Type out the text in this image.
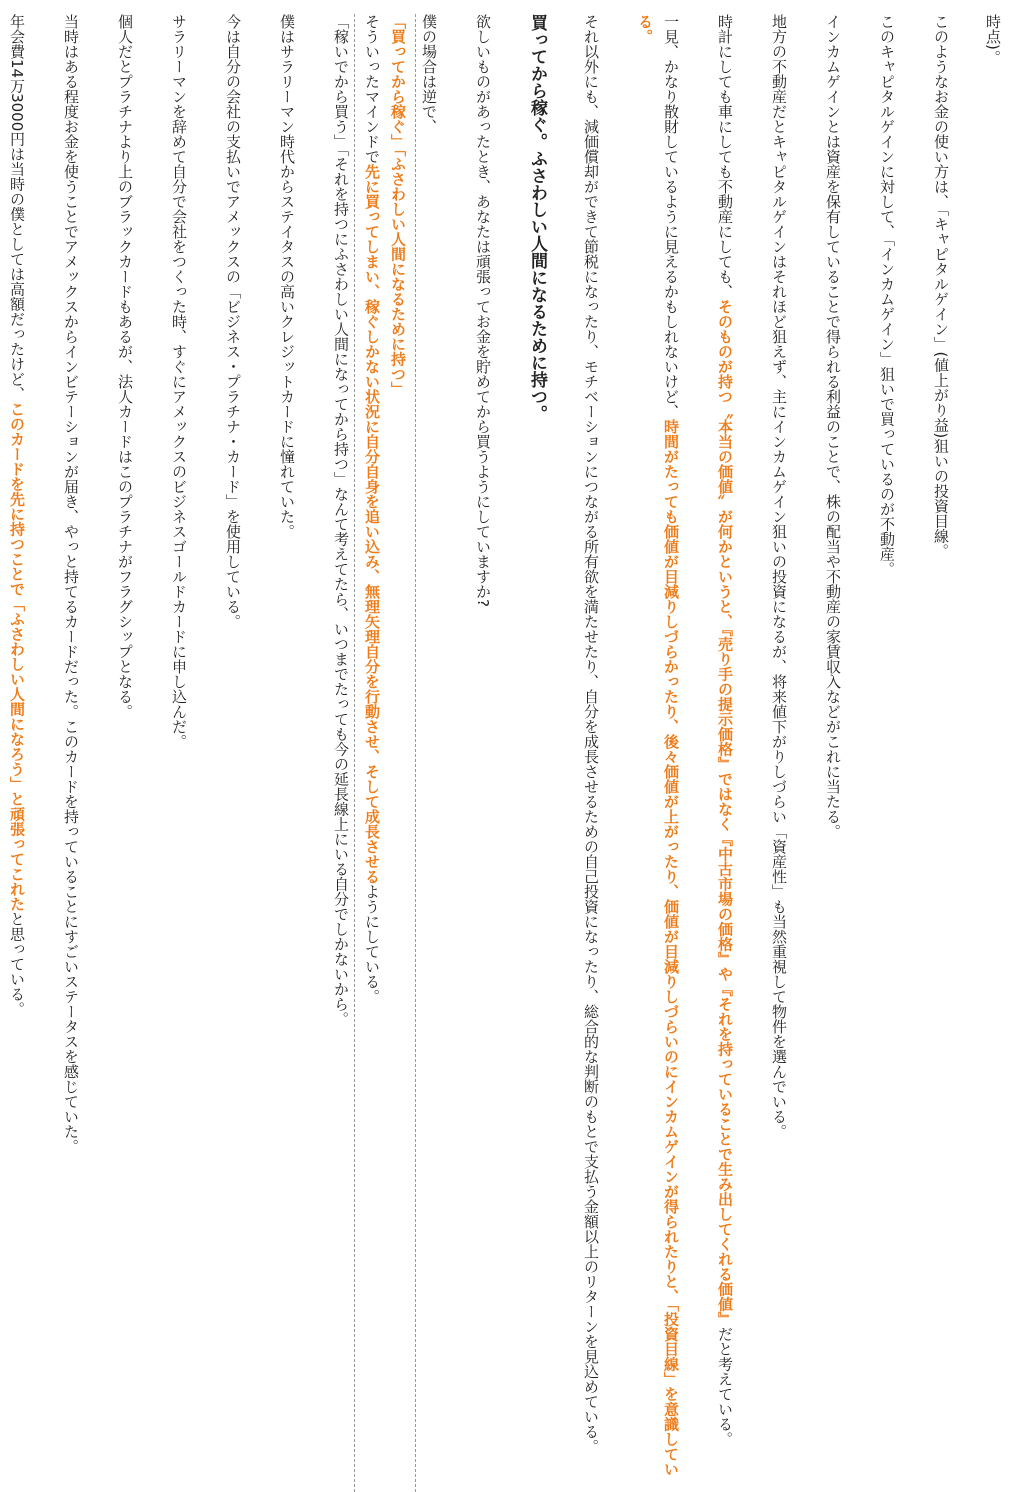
時点)。

このようなお金の使い方は、「キャピタルゲイン」(値上がり益)狙いの投資目線。

このキャピタルゲインに対して、「インカムゲイン」狙いで買っているのが不動産。

インカムゲインとは資産を保有していることで得られる利益のことで、株の配当や不動産の家賃収入などがこれに当たる。

地方の不動産だとキャピタルゲインはそれほど狙えず、主にインカムゲイン狙いの投資になるが、将来値下がりしづらい「資産性」も当然重視して物件を選んでいる。

時計にしても車にしても不動産にしても、そのものが持つ〝本当の価値〟が何かというと、『売り手の提示価格』ではなく『中古市場の価格』や『それを持っていることで生み出してくれる価値』だと考えている。

一見、かなり散財しているように見えるかもしれないけど、時間がたっても価値が目減りしづらかったり、後々価値が上がったり、価値が目減りしづらいのにインカムゲインが得られたりと、「投資目線」を意識している。

それ以外にも、減価償却ができて節税になったり、モチベーションにつながる所有欲を満たせたり、自分を成長させるための自己投資になったり、総合的な判断のもとで支払う金額以上のリターンを見込めている。

買ってから稼ぐ。ふさわしい人間になるために持つ。

欲しいものがあったとき、あなたは頑張ってお金を貯めてから買うようにしていますか?

僕の場合は逆で、

「買ってから稼ぐ」「ふさわしい人間になるために持つ」

そういったマインドで先に買ってしまい、稼ぐしかない状況に自分自身を追い込み、無理矢理自分を行動させ、そして成長させるようにしている。

「稼いでから買う」「それを持つにふさわしい人間になってから持つ」なんて考えてたら、いつまでたっても今の延長線上にいる自分でしかないから。

僕はサラリーマン時代からステイタスの高いクレジットカードに憧れていた。

今は自分の会社の支払いでアメックスの「ビジネス・プラチナ・カード」を使用している。

サラリーマンを辞めて自分で会社をつくった時、すぐにアメックスのビジネスゴールドカードに申し込んだ。

個人だとプラチナより上のブラックカードもあるが、法人カードはこのプラチナがフラグシップとなる。

当時はある程度お金を使うことでアメックスからインビテーションが届き、やっと持てるカードだった。このカードを持っていることにすごいステータスを感じていた。

年会費14万3000円は当時の僕としては高額だったけど、このカードを先に持つことで「ふさわしい人間になろう」と頑張ってこれたと思っている。
